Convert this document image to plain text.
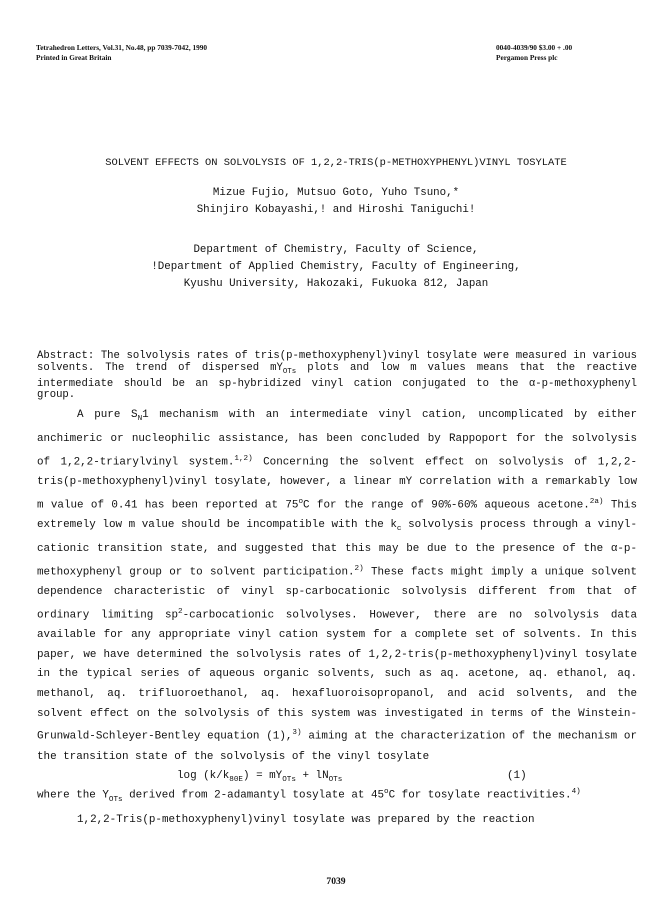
Tetrahedron Letters, Vol.31, No.48, pp 7039-7042, 1990
Printed in Great Britain
0040-4039/90 $3.00 + .00
Pergamon Press plc
SOLVENT EFFECTS ON SOLVOLYSIS OF 1,2,2-TRIS(p-METHOXYPHENYL)VINYL TOSYLATE
Mizue Fujio, Mutsuo Goto, Yuho Tsuno,*
Shinjiro Kobayashi,! and Hiroshi Taniguchi!
Department of Chemistry, Faculty of Science,
!Department of Applied Chemistry, Faculty of Engineering,
Kyushu University, Hakozaki, Fukuoka 812, Japan
Abstract: The solvolysis rates of tris(p-methoxyphenyl)vinyl tosylate were measured in various solvents. The trend of dispersed $mY_{OTs}$ plots and low m values means that the reactive intermediate should be an sp-hybridized vinyl cation conjugated to the α-p-methoxyphenyl group.

A pure $S_N1$ mechanism with an intermediate vinyl cation, uncomplicated by either anchimeric or nucleophilic assistance, has been concluded by Rappoport for the solvolysis of 1,2,2-triarylvinyl system.$^{1,2)}$ Concerning the solvent effect on solvolysis of 1,2,2-tris(p-methoxyphenyl)vinyl tosylate, however, a linear mY correlation with a remarkably low m value of 0.41 has been reported at 75$^o$C for the range of 90%-60% aqueous acetone.$^{2a)}$ This extremely low m value should be incompatible with the $k_c$ solvolysis process through a vinyl-cationic transition state, and suggested that this may be due to the presence of the α-p-methoxyphenyl group or to solvent participation.$^{2)}$ These facts might imply a unique solvent dependence characteristic of vinyl sp-carbocationic solvolysis different from that of ordinary limiting $sp^2$-carbocationic solvolyses. However, there are no solvolysis data available for any appropriate vinyl cation system for a complete set of solvents. In this paper, we have determined the solvolysis rates of 1,2,2-tris(p-methoxyphenyl)vinyl tosylate in the typical series of aqueous organic solvents, such as aq. acetone, aq. ethanol, aq. methanol, aq. trifluoroethanol, aq. hexafluoroisopropanol, and acid solvents, and the solvent effect on the solvolysis of this system was investigated in terms of the Winstein-Grunwald-Schleyer-Bentley equation (1),$^{3)}$ aiming at the characterization of the mechanism or the transition state of the solvolysis of the vinyl tosylate

$\log (k/k_{80E}) = mY_{OTs} + lN_{OTs}$	(1)
where the $Y_{OTs}$ derived from 2-adamantyl tosylate at 45$^o$C for tosylate reactivities.$^{4)}$

1,2,2-Tris(p-methoxyphenyl)vinyl tosylate was prepared by the reaction

7039
